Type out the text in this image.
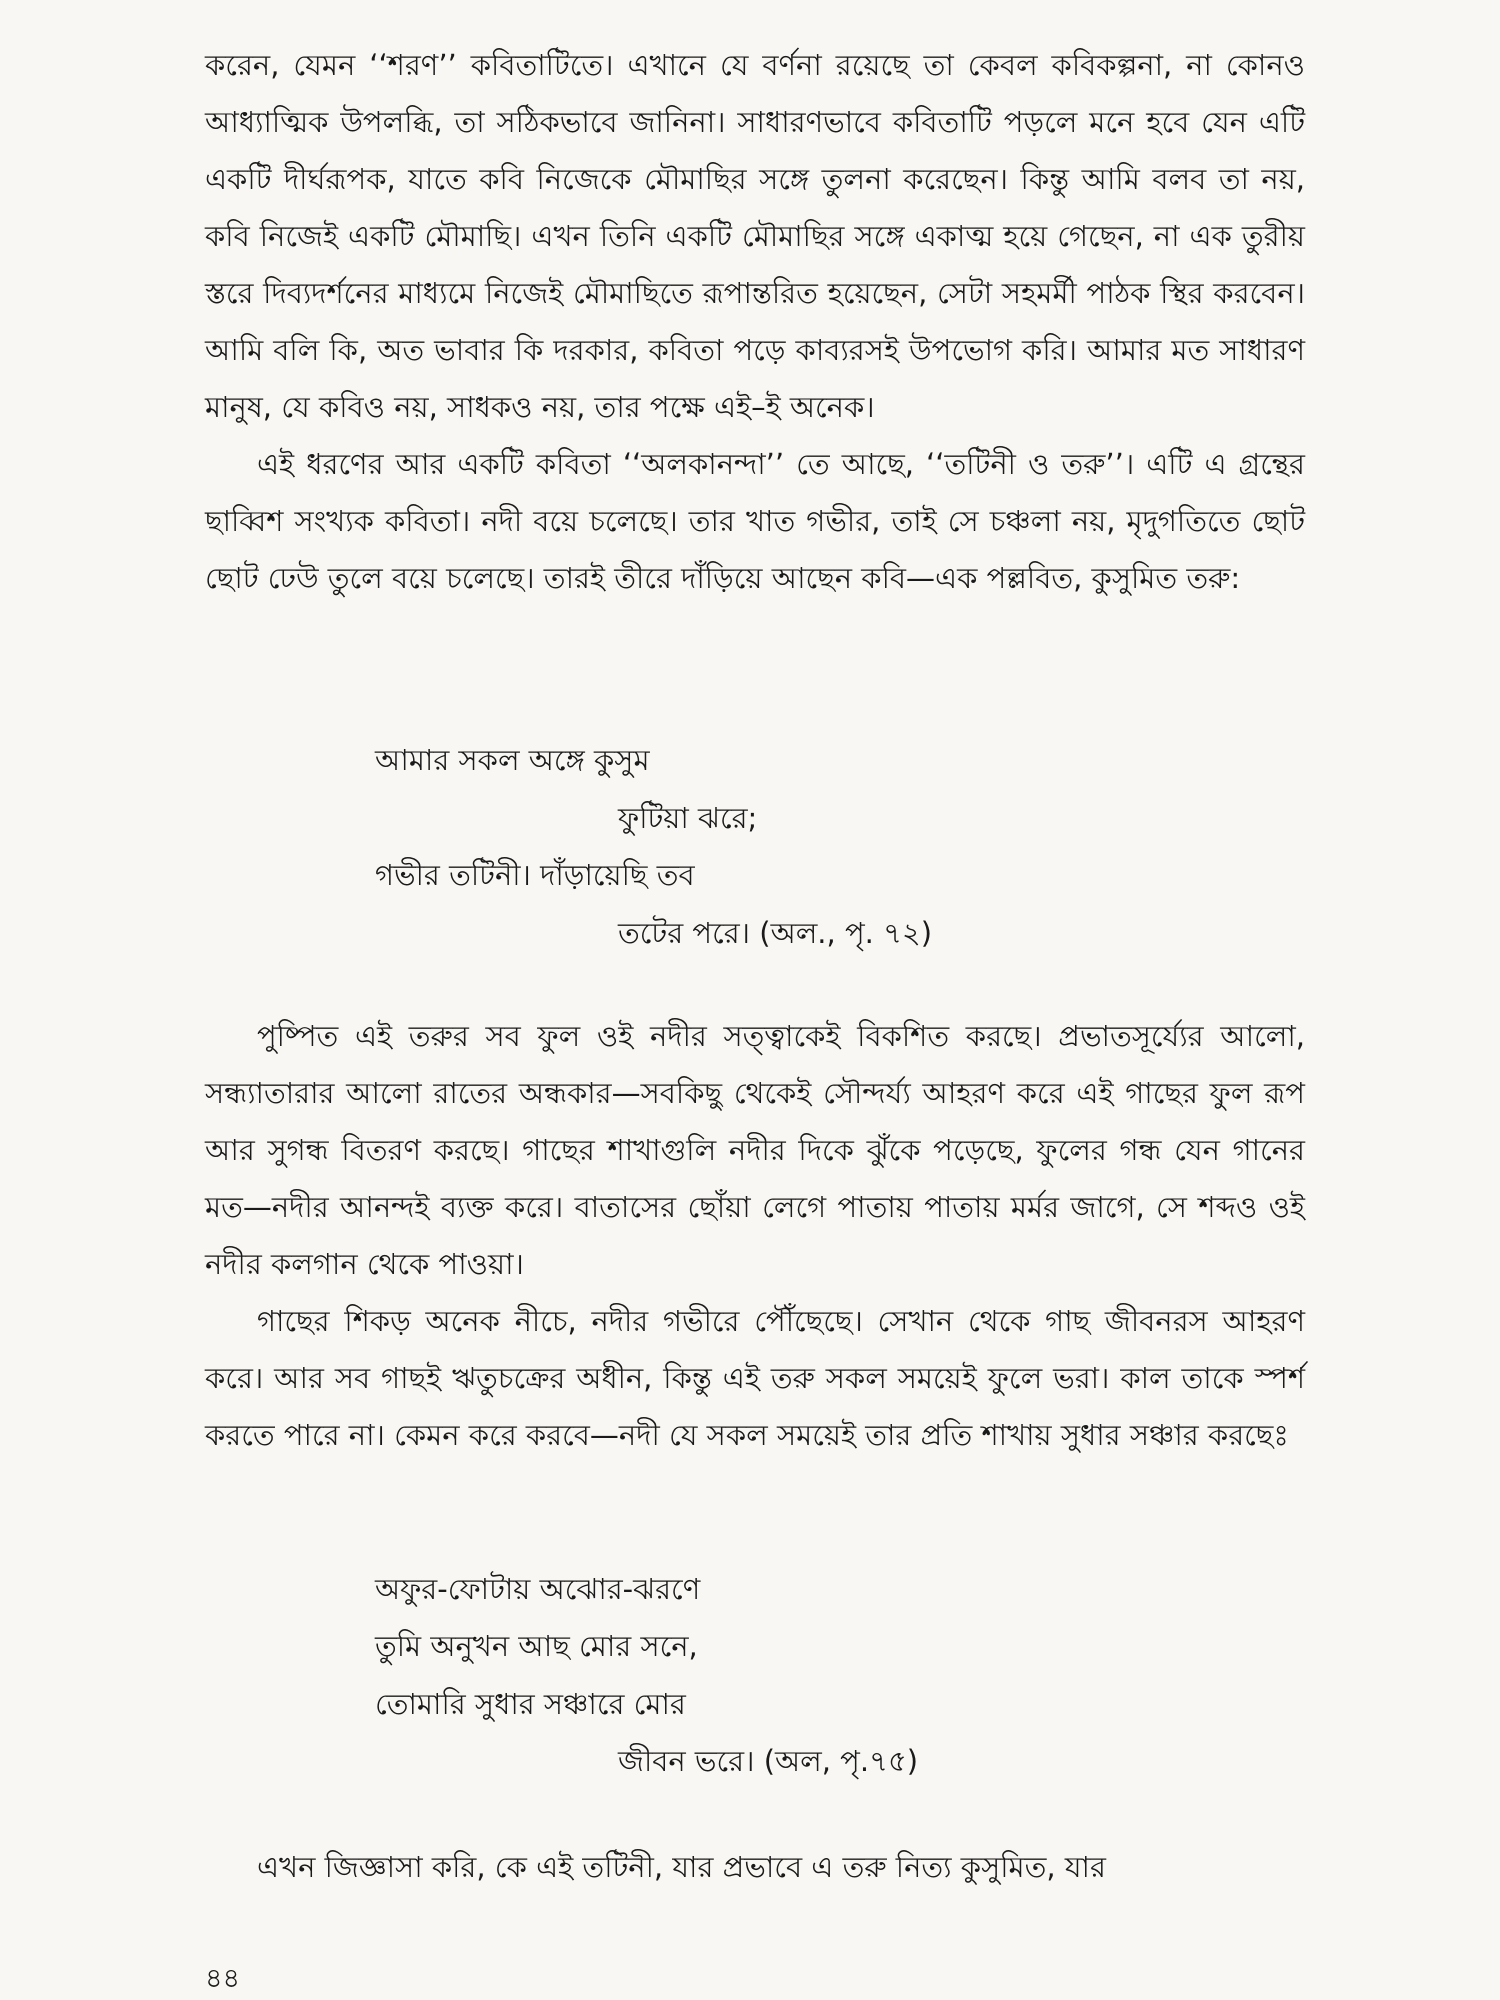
করেন, যেমন ‘‘শরণ’’ কবিতাটিতে। এখানে যে বর্ণনা রয়েছে তা কেবল কবিকল্পনা, না কোনও আধ্যাত্মিক উপলব্ধি, তা সঠিকভাবে জানিনা। সাধারণভাবে কবিতাটি পড়লে মনে হবে যেন এটি একটি দীর্ঘরূপক, যাতে কবি নিজেকে মৌমাছির সঙ্গে তুলনা করেছেন। কিন্তু আমি বলব তা নয়, কবি নিজেই একটি মৌমাছি। এখন তিনি একটি মৌমাছির সঙ্গে একাত্ম হয়ে গেছেন, না এক তুরীয় স্তরে দিব্যদর্শনের মাধ্যমে নিজেই মৌমাছিতে রূপান্তরিত হয়েছেন, সেটা সহমর্মী পাঠক স্থির করবেন। আমি বলি কি, অত ভাবার কি দরকার, কবিতা পড়ে কাব্যরসই উপভোগ করি। আমার মত সাধারণ মানুষ, যে কবিও নয়, সাধকও নয়, তার পক্ষে এই–ই অনেক।

এই ধরণের আর একটি কবিতা ‘‘অলকানন্দা’’ তে আছে, ‘‘তটিনী ও তরু’’। এটি এ গ্রন্থের ছাব্বিশ সংখ্যক কবিতা। নদী বয়ে চলেছে। তার খাত গভীর, তাই সে চঞ্চলা নয়, মৃদুগতিতে ছোট ছোট ঢেউ তুলে বয়ে চলেছে। তারই তীরে দাঁড়িয়ে আছেন কবি—এক পল্লবিত, কুসুমিত তরু:

আমার সকল অঙ্গে কুসুম

ফুটিয়া ঝরে;

গভীর তটিনী। দাঁড়ায়েছি তব

তটের পরে। (অল., পৃ. ৭২)

পুষ্পিত এই তরুর সব ফুল ওই নদীর সত্ত্বাকেই বিকশিত করছে। প্রভাতসূর্য্যের আলো, সন্ধ্যাতারার আলো রাতের অন্ধকার—সবকিছু থেকেই সৌন্দর্য্য আহরণ করে এই গাছের ফুল রূপ আর সুগন্ধ বিতরণ করছে। গাছের শাখাগুলি নদীর দিকে ঝুঁকে পড়েছে, ফুলের গন্ধ যেন গানের মত—নদীর আনন্দই ব্যক্ত করে। বাতাসের ছোঁয়া লেগে পাতায় পাতায় মর্মর জাগে, সে শব্দও ওই নদীর কলগান থেকে পাওয়া।

গাছের শিকড় অনেক নীচে, নদীর গভীরে পৌঁছেছে। সেখান থেকে গাছ জীবনরস আহরণ করে। আর সব গাছই ঋতুচক্রের অধীন, কিন্তু এই তরু সকল সময়েই ফুলে ভরা। কাল তাকে স্পর্শ করতে পারে না। কেমন করে করবে—নদী যে সকল সময়েই তার প্রতি শাখায় সুধার সঞ্চার করছেঃ

অফুর-ফোটায় অঝোর-ঝরণে

তুমি অনুখন আছ মোর সনে,

তোমারি সুধার সঞ্চারে মোর

জীবন ভরে। (অল, পৃ.৭৫)

এখন জিজ্ঞাসা করি, কে এই তটিনী, যার প্রভাবে এ তরু নিত্য কুসুমিত, যার

৪৪
